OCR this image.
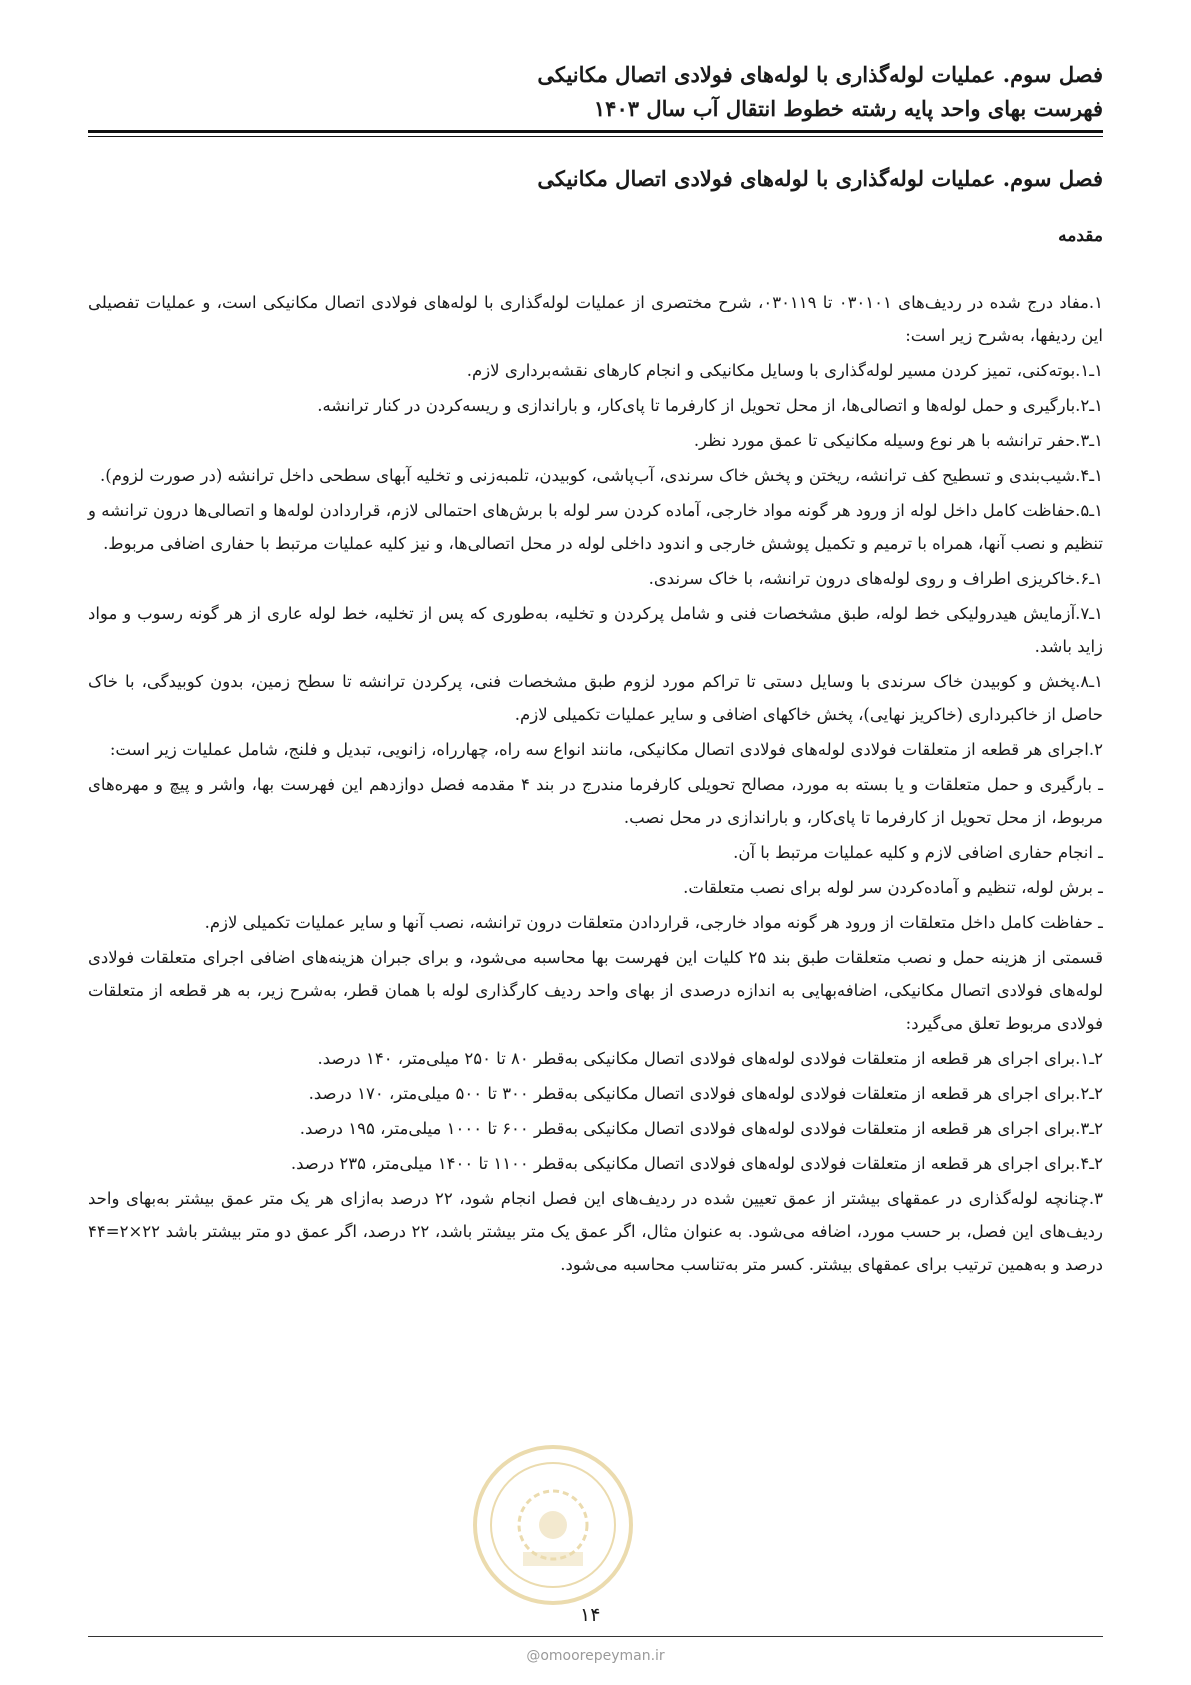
فصل سوم. عملیات لوله‌گذاری با لوله‌های فولادی اتصال مکانیکی
فهرست بهای واحد پایه رشته خطوط انتقال آب سال ۱۴۰۳
فصل سوم. عملیات لوله‌گذاری با لوله‌های فولادی اتصال مکانیکی
مقدمه

۱.مفاد درج شده در ردیف‌های ۰۳۰۱۰۱ تا ۰۳۰۱۱۹، شرح مختصری از عملیات لوله‌گذاری با لوله‌های فولادی اتصال مکانیکی است، و عملیات تفصیلی این ردیفها، به‌شرح زیر است:

۱ـ۱.بوته‌کنی، تمیز کردن مسیر لوله‌گذاری با وسایل مکانیکی و انجام کارهای نقشه‌برداری لازم.

۱ـ۲.بارگیری و حمل لوله‌ها و اتصالی‌ها، از محل تحویل از کارفرما تا پای‌کار، و باراندازی و ریسه‌کردن در کنار ترانشه.

۱ـ۳.حفر ترانشه با هر نوع وسیله مکانیکی تا عمق مورد نظر.

۱ـ۴.شیب‌بندی و تسطیح کف ترانشه، ریختن و پخش خاک سرندی، آب‌پاشی، کوبیدن، تلمبه‌زنی و تخلیه آبهای سطحی داخل ترانشه (در صورت لزوم).

۱ـ۵.حفاظت کامل داخل لوله از ورود هر گونه مواد خارجی، آماده کردن سر لوله با برش‌های احتمالی لازم، قراردادن لوله‌ها و اتصالی‌ها درون ترانشه و تنظیم و نصب آنها، همراه با ترمیم و تکمیل پوشش خارجی و اندود داخلی لوله در محل اتصالی‌ها، و نیز کلیه عملیات مرتبط با حفاری اضافی مربوط.

۱ـ۶.خاکریزی اطراف و روی لوله‌های درون ترانشه، با خاک سرندی.

۱ـ۷.آزمایش هیدرولیکی خط لوله، طبق مشخصات فنی و شامل پرکردن و تخلیه، به‌طوری که پس از تخلیه، خط لوله عاری از هر گونه رسوب و مواد زاید باشد.

۱ـ۸.پخش و کوبیدن خاک سرندی با وسایل دستی تا تراکم مورد لزوم طبق مشخصات فنی، پرکردن ترانشه تا سطح زمین، بدون کوبیدگی، با خاک حاصل از خاکبرداری (خاکریز نهایی)، پخش خاکهای اضافی و سایر عملیات تکمیلی لازم.

۲.اجرای هر قطعه از متعلقات فولادی لوله‌های فولادی اتصال مکانیکی، مانند انواع سه راه، چهارراه، زانویی، تبدیل و فلنج، شامل عملیات زیر است:

ـ بارگیری و حمل متعلقات و یا بسته به مورد، مصالح تحویلی کارفرما مندرج در بند ۴ مقدمه فصل دوازدهم این فهرست بها، واشر و پیچ و مهره‌های مربوط، از محل تحویل از کارفرما تا پای‌کار، و باراندازی در محل نصب.

ـ انجام حفاری اضافی لازم و کلیه عملیات مرتبط با آن.

ـ برش لوله، تنظیم و آماده‌کردن سر لوله برای نصب متعلقات.

ـ حفاظت کامل داخل متعلقات از ورود هر گونه مواد خارجی، قراردادن متعلقات درون ترانشه، نصب آنها و سایر عملیات تکمیلی لازم.

قسمتی از هزینه حمل و نصب متعلقات طبق بند ۲۵ کلیات این فهرست بها محاسبه می‌شود، و برای جبران هزینه‌های اضافی اجرای متعلقات فولادی لوله‌های فولادی اتصال مکانیکی، اضافه‌بهایی به اندازه درصدی از بهای واحد ردیف کارگذاری لوله با همان قطر، به‌شرح زیر، به هر قطعه از متعلقات فولادی مربوط تعلق می‌گیرد:

۲ـ۱.برای اجرای هر قطعه از متعلقات فولادی لوله‌های فولادی اتصال مکانیکی به‌قطر ۸۰ تا ۲۵۰ میلی‌متر، ۱۴۰ درصد.

۲ـ۲.برای اجرای هر قطعه از متعلقات فولادی لوله‌های فولادی اتصال مکانیکی به‌قطر ۳۰۰ تا ۵۰۰ میلی‌متر، ۱۷۰ درصد.

۲ـ۳.برای اجرای هر قطعه از متعلقات فولادی لوله‌های فولادی اتصال مکانیکی به‌قطر ۶۰۰ تا ۱۰۰۰ میلی‌متر، ۱۹۵ درصد.

۲ـ۴.برای اجرای هر قطعه از متعلقات فولادی لوله‌های فولادی اتصال مکانیکی به‌قطر ۱۱۰۰ تا ۱۴۰۰ میلی‌متر، ۲۳۵ درصد.

۳.چنانچه لوله‌گذاری در عمقهای بیشتر از عمق تعیین شده در ردیف‌های این فصل انجام شود، ۲۲ درصد به‌ازای هر یک متر عمق بیشتر به‌بهای واحد ردیف‌های این فصل، بر حسب مورد، اضافه می‌شود. به عنوان مثال، اگر عمق یک متر بیشتر باشد، ۲۲ درصد، اگر عمق دو متر بیشتر باشد ۲۲×۲=۴۴ درصد و به‌همین ترتیب برای عمقهای بیشتر. کسر متر به‌تناسب محاسبه می‌شود.

۱۴
@omoorepeyman.ir
